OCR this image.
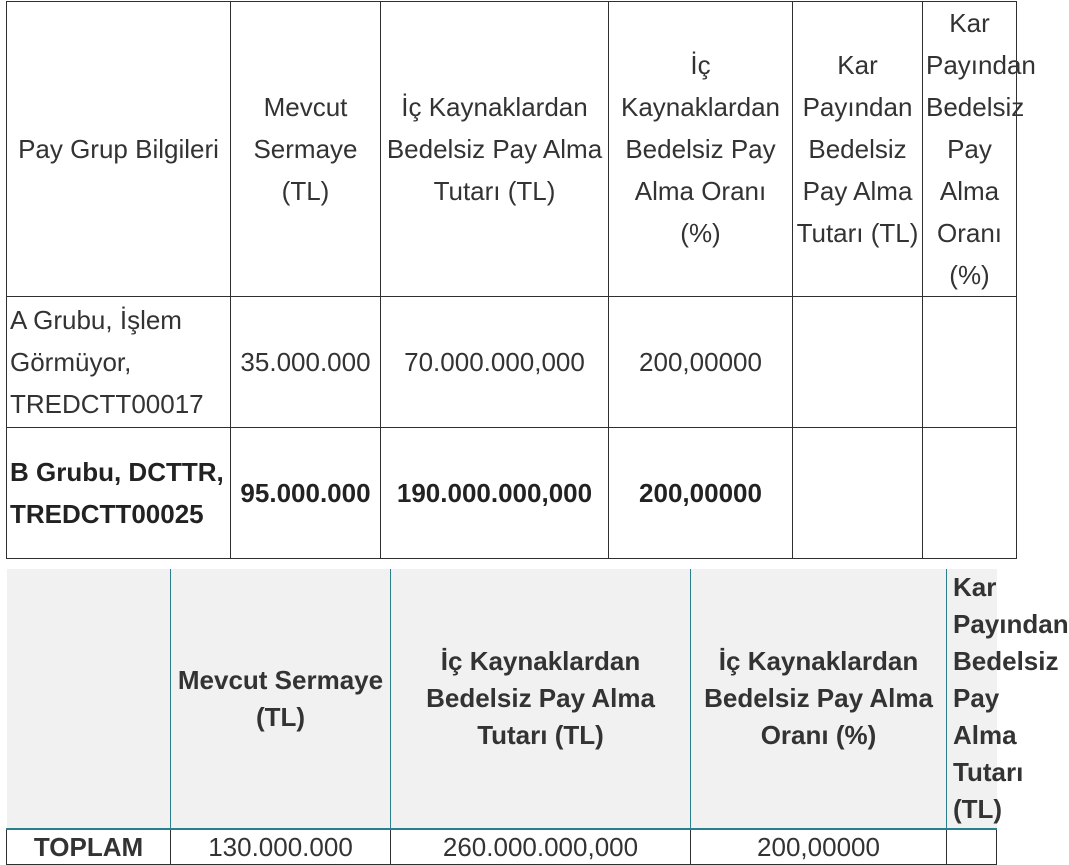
Pay Grup Bilgileri	Mevcut Sermaye (TL)	İç Kaynaklardan Bedelsiz Pay Alma Tutarı (TL)	İç Kaynaklardan Bedelsiz Pay Alma Oranı (%)	Kar Payından Bedelsiz Pay Alma Tutarı (TL)	Kar Payından Bedelsiz Pay Alma Oranı (%)
A Grubu, İşlem Görmüyor, TREDCTT00017	35.000.000	70.000.000,000	200,00000		
B Grubu, DCTTR, TREDCTT00025	95.000.000	190.000.000,000	200,00000		
	Mevcut Sermaye (TL)	İç Kaynaklardan Bedelsiz Pay Alma Tutarı (TL)	İç Kaynaklardan Bedelsiz Pay Alma Oranı (%)	Kar Payından Bedelsiz Pay Alma Tutarı (TL)
TOPLAM	130.000.000	260.000.000,000	200,00000	
